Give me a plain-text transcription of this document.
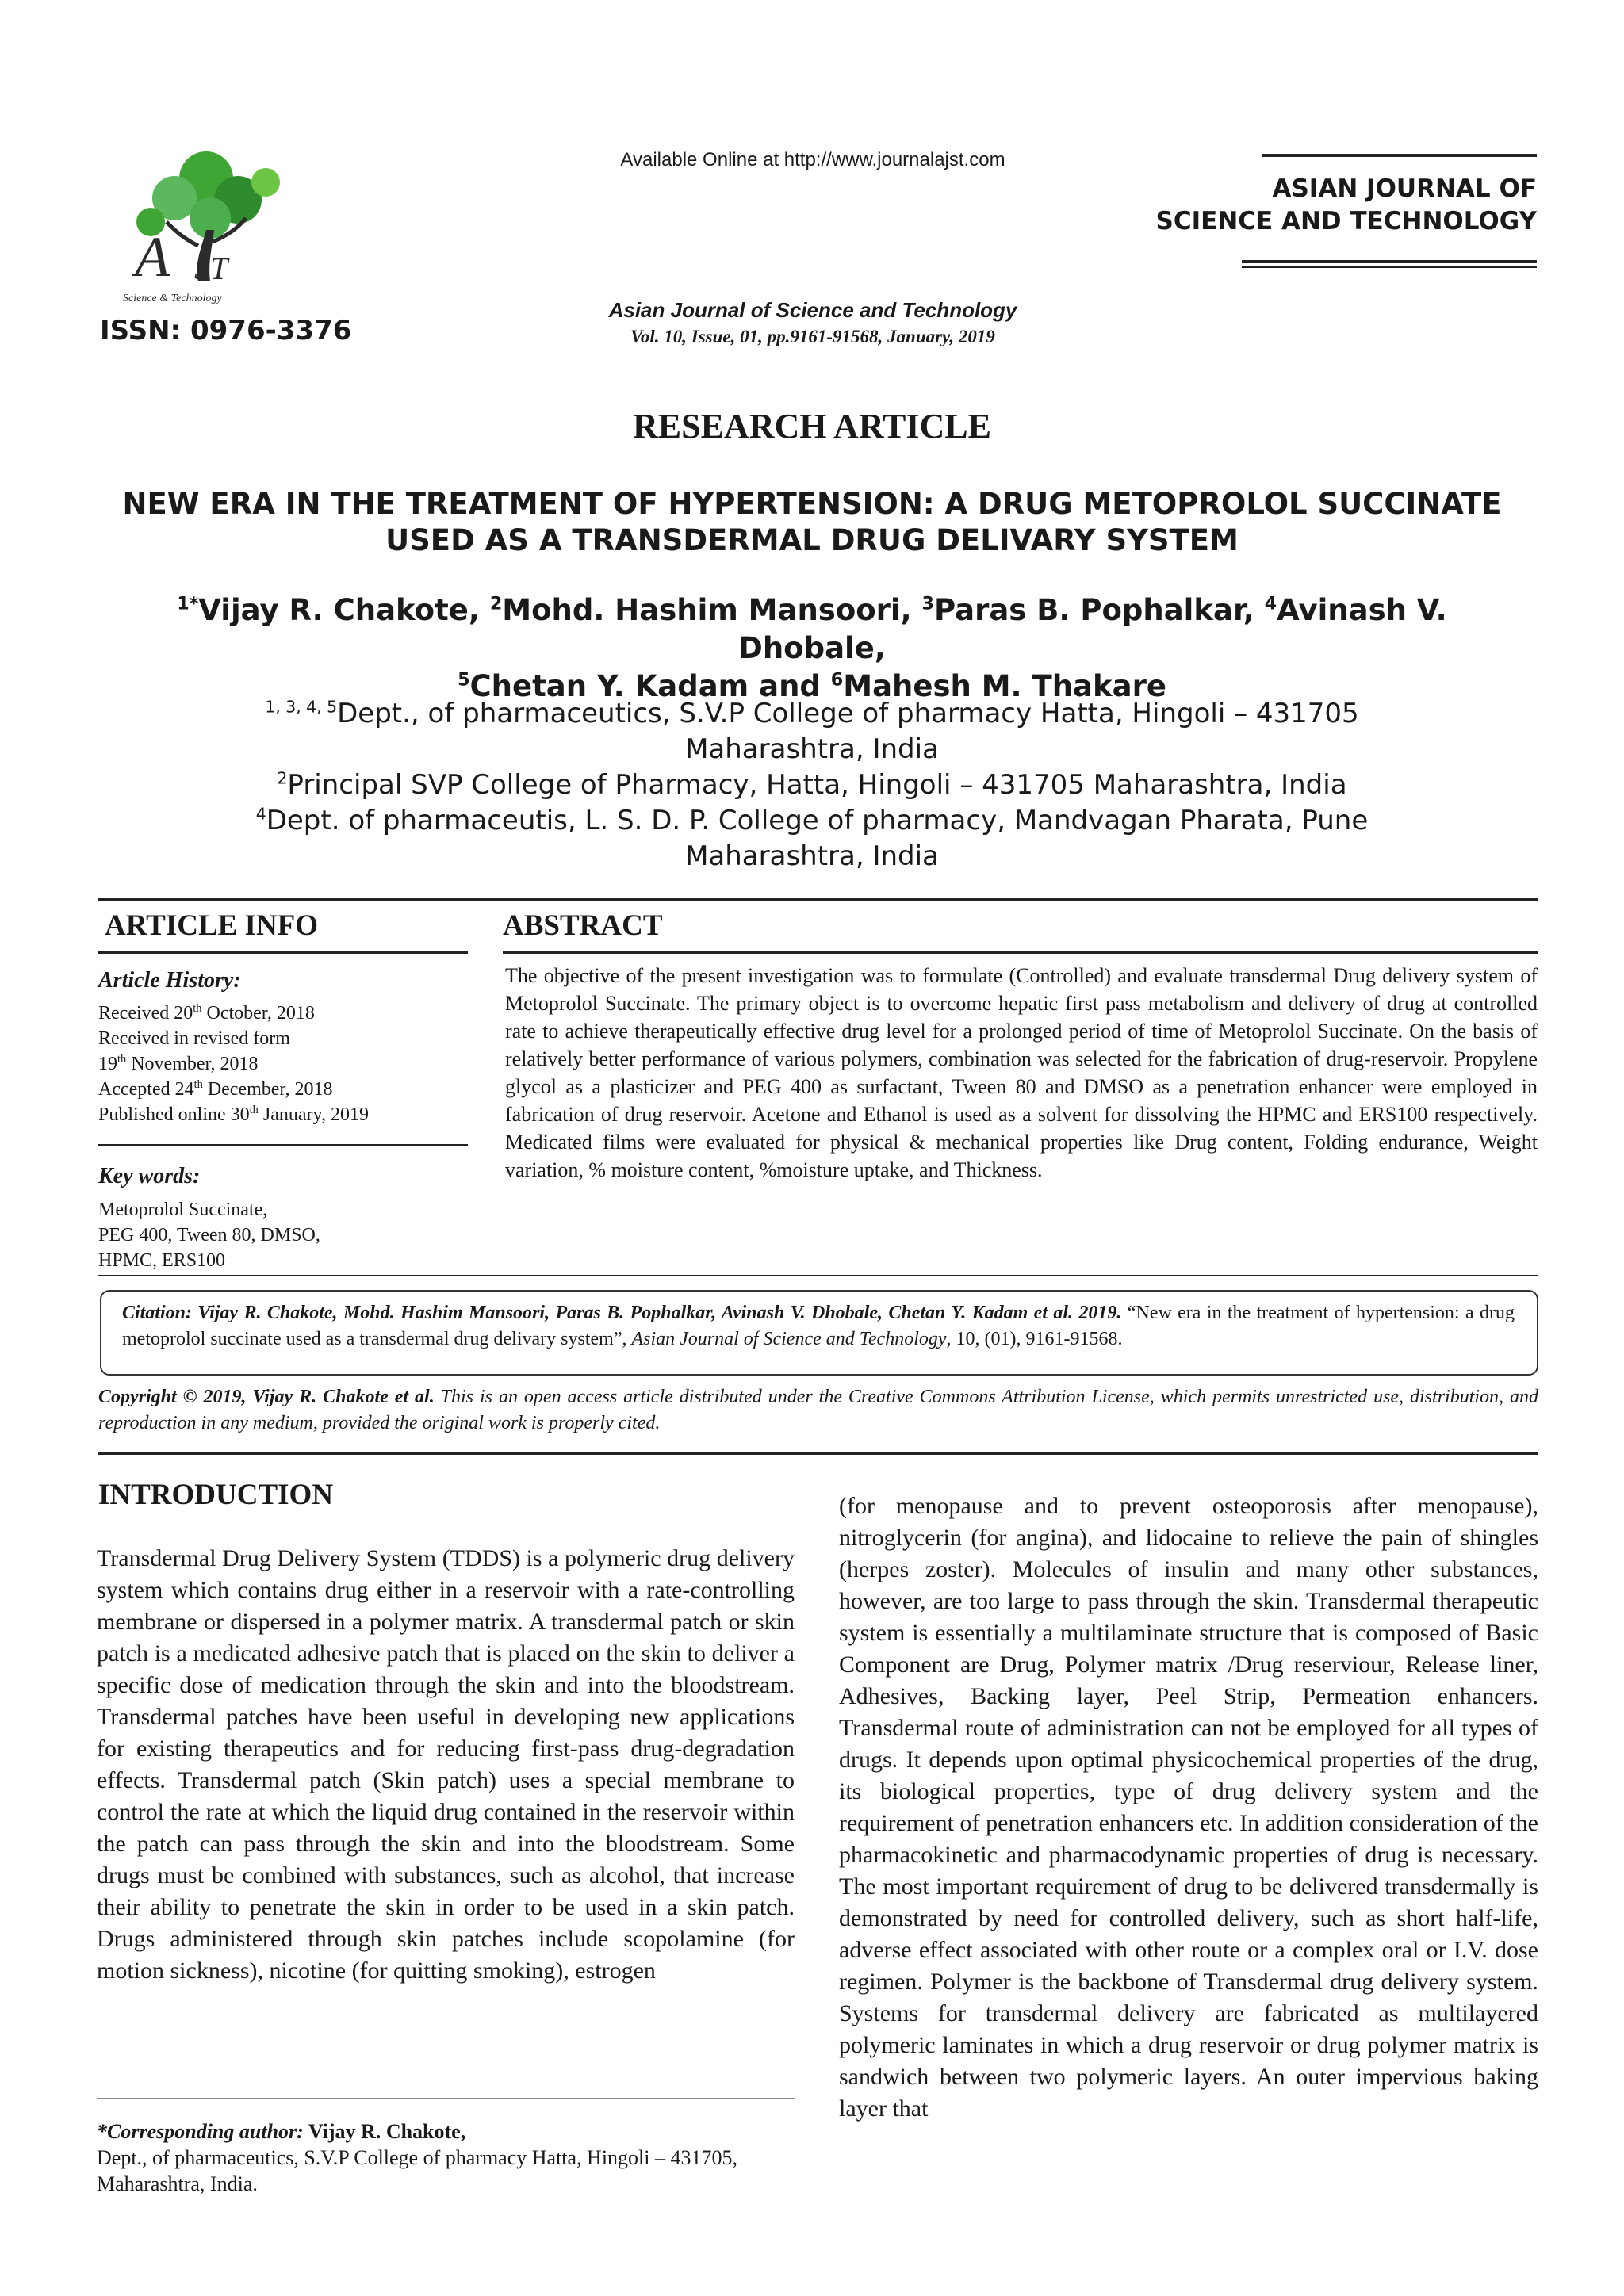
A ST
Science & Technology
ISSN: 0976-3376
Available Online at http://www.journalajst.com
ASIAN JOURNAL OF
SCIENCE AND TECHNOLOGY
Asian Journal of Science and Technology
Vol. 10, Issue, 01, pp.9161-91568, January, 2019
RESEARCH ARTICLE
NEW ERA IN THE TREATMENT OF HYPERTENSION: A DRUG METOPROLOL SUCCINATE USED AS A TRANSDERMAL DRUG DELIVARY SYSTEM
$^{1*}$Vijay R. Chakote, $^2$Mohd. Hashim Mansoori, $^3$Paras B. Pophalkar, $^4$Avinash V. Dhobale,
$^5$Chetan Y. Kadam and $^6$Mahesh M. Thakare
$^{1, 3, 4, 5}$Dept., of pharmaceutics, S.V.P College of pharmacy Hatta, Hingoli – 431705
Maharashtra, India
$^2$Principal SVP College of Pharmacy, Hatta, Hingoli – 431705 Maharashtra, India
$^4$Dept. of pharmaceutis, L. S. D. P. College of pharmacy, Mandvagan Pharata, Pune
Maharashtra, India
ARTICLE INFO	ABSTRACT
Article History:
Received 20th October, 2018
Received in revised form
19th November, 2018
Accepted 24th December, 2018
Published online 30th January, 2019
Key words:
Metoprolol Succinate,
PEG 400, Tween 80, DMSO,
HPMC, ERS100
The objective of the present investigation was to formulate (Controlled) and evaluate transdermal Drug delivery system of Metoprolol Succinate. The primary object is to overcome hepatic first pass metabolism and delivery of drug at controlled rate to achieve therapeutically effective drug level for a prolonged period of time of Metoprolol Succinate. On the basis of relatively better performance of various polymers, combination was selected for the fabrication of drug-reservoir. Propylene glycol as a plasticizer and PEG 400 as surfactant, Tween 80 and DMSO as a penetration enhancer were employed in fabrication of drug reservoir. Acetone and Ethanol is used as a solvent for dissolving the HPMC and ERS100 respectively. Medicated films were evaluated for physical & mechanical properties like Drug content, Folding endurance, Weight variation, % moisture content, %moisture uptake, and Thickness.
Citation: Vijay R. Chakote, Mohd. Hashim Mansoori, Paras B. Pophalkar, Avinash V. Dhobale, Chetan Y. Kadam et al. 2019. “New era in the treatment of hypertension: a drug metoprolol succinate used as a transdermal drug delivary system”, Asian Journal of Science and Technology, 10, (01), 9161-91568.
Copyright © 2019, Vijay R. Chakote et al. This is an open access article distributed under the Creative Commons Attribution License, which permits unrestricted use, distribution, and reproduction in any medium, provided the original work is properly cited.
INTRODUCTION
Transdermal Drug Delivery System (TDDS) is a polymeric drug delivery system which contains drug either in a reservoir with a rate-controlling membrane or dispersed in a polymer matrix. A transdermal patch or skin patch is a medicated adhesive patch that is placed on the skin to deliver a specific dose of medication through the skin and into the bloodstream. Transdermal patches have been useful in developing new applications for existing therapeutics and for reducing first-pass drug-degradation effects. Transdermal patch (Skin patch) uses a special membrane to control the rate at which the liquid drug contained in the reservoir within the patch can pass through the skin and into the bloodstream. Some drugs must be combined with substances, such as alcohol, that increase their ability to penetrate the skin in order to be used in a skin patch. Drugs administered through skin patches include scopolamine (for motion sickness), nicotine (for quitting smoking), estrogen
(for menopause and to prevent osteoporosis after menopause), nitroglycerin (for angina), and lidocaine to relieve the pain of shingles (herpes zoster). Molecules of insulin and many other substances, however, are too large to pass through the skin. Transdermal therapeutic system is essentially a multilaminate structure that is composed of Basic Component are Drug, Polymer matrix /Drug reserviour, Release liner, Adhesives, Backing layer, Peel Strip, Permeation enhancers. Transdermal route of administration can not be employed for all types of drugs. It depends upon optimal physicochemical properties of the drug, its biological properties, type of drug delivery system and the requirement of penetration enhancers etc. In addition consideration of the pharmacokinetic and pharmacodynamic properties of drug is necessary. The most important requirement of drug to be delivered transdermally is demonstrated by need for controlled delivery, such as short half-life, adverse effect associated with other route or a complex oral or I.V. dose regimen. Polymer is the backbone of Transdermal drug delivery system. Systems for transdermal delivery are fabricated as multilayered polymeric laminates in which a drug reservoir or drug polymer matrix is sandwich between two polymeric layers. An outer impervious baking layer that
*Corresponding author: Vijay R. Chakote,
Dept., of pharmaceutics, S.V.P College of pharmacy Hatta, Hingoli – 431705, Maharashtra, India.
